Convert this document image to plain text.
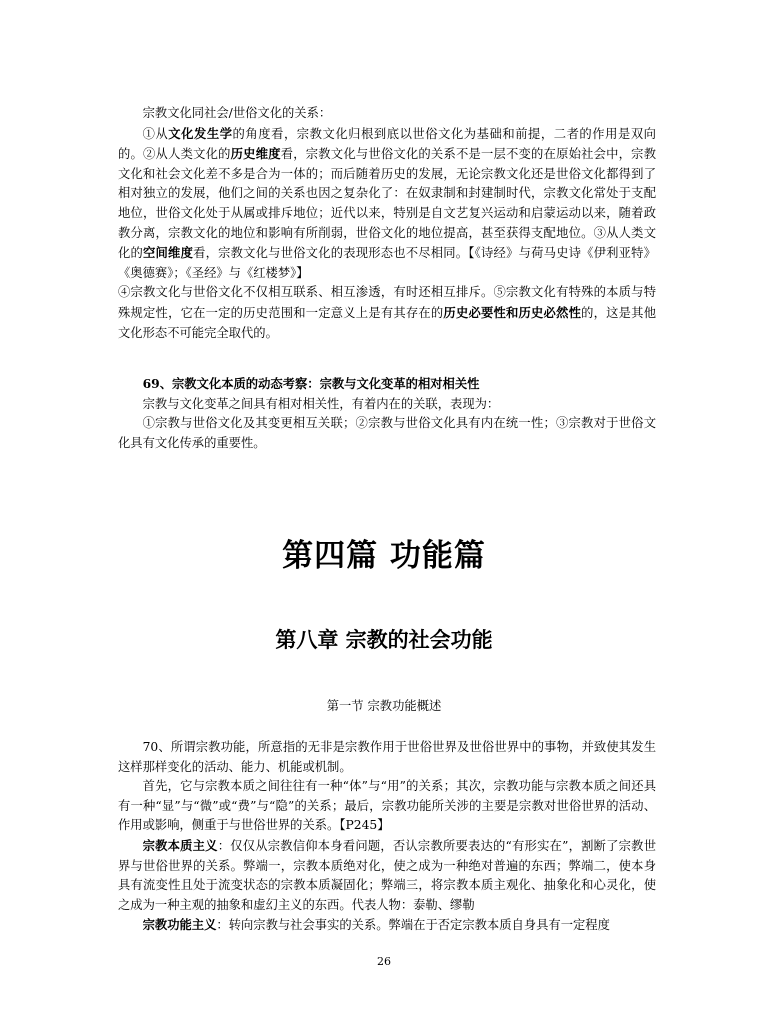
宗教文化同社会/世俗文化的关系：

①从文化发生学的角度看，宗教文化归根到底以世俗文化为基础和前提，二者的作用是双向的。②从人类文化的历史维度看，宗教文化与世俗文化的关系不是一层不变的在原始社会中，宗教文化和社会文化差不多是合为一体的；而后随着历史的发展，无论宗教文化还是世俗文化都得到了相对独立的发展，他们之间的关系也因之复杂化了：在奴隶制和封建制时代，宗教文化常处于支配地位，世俗文化处于从属或排斥地位；近代以来，特别是自文艺复兴运动和启蒙运动以来，随着政教分离，宗教文化的地位和影响有所削弱，世俗文化的地位提高，甚至获得支配地位。③从人类文化的空间维度看，宗教文化与世俗文化的表现形态也不尽相同。【《诗经》与荷马史诗《伊利亚特》《奥德赛》；《圣经》与《红楼梦》】

④宗教文化与世俗文化不仅相互联系、相互渗透，有时还相互排斥。⑤宗教文化有特殊的本质与特殊规定性，它在一定的历史范围和一定意义上是有其存在的历史必要性和历史必然性的，这是其他文化形态不可能完全取代的。

69、宗教文化本质的动态考察：宗教与文化变革的相对相关性

宗教与文化变革之间具有相对相关性，有着内在的关联，表现为：

①宗教与世俗文化及其变更相互关联；②宗教与世俗文化具有内在统一性；③宗教对于世俗文化具有文化传承的重要性。

第四篇 功能篇
第八章 宗教的社会功能
第一节 宗教功能概述

70、所谓宗教功能，所意指的无非是宗教作用于世俗世界及世俗世界中的事物，并致使其发生这样那样变化的活动、能力、机能或机制。

首先，它与宗教本质之间往往有一种“体”与“用”的关系；其次，宗教功能与宗教本质之间还具有一种“显”与“微”或“费”与“隐”的关系；最后，宗教功能所关涉的主要是宗教对世俗世界的活动、作用或影响，侧重于与世俗世界的关系。【P245】

宗教本质主义：仅仅从宗教信仰本身看问题，否认宗教所要表达的“有形实在”，割断了宗教世界与世俗世界的关系。弊端一，宗教本质绝对化，使之成为一种绝对普遍的东西；弊端二，使本身具有流变性且处于流变状态的宗教本质凝固化；弊端三，将宗教本质主观化、抽象化和心灵化，使之成为一种主观的抽象和虚幻主义的东西。代表人物：泰勒、缪勒

宗教功能主义：转向宗教与社会事实的关系。弊端在于否定宗教本质自身具有一定程度

26
